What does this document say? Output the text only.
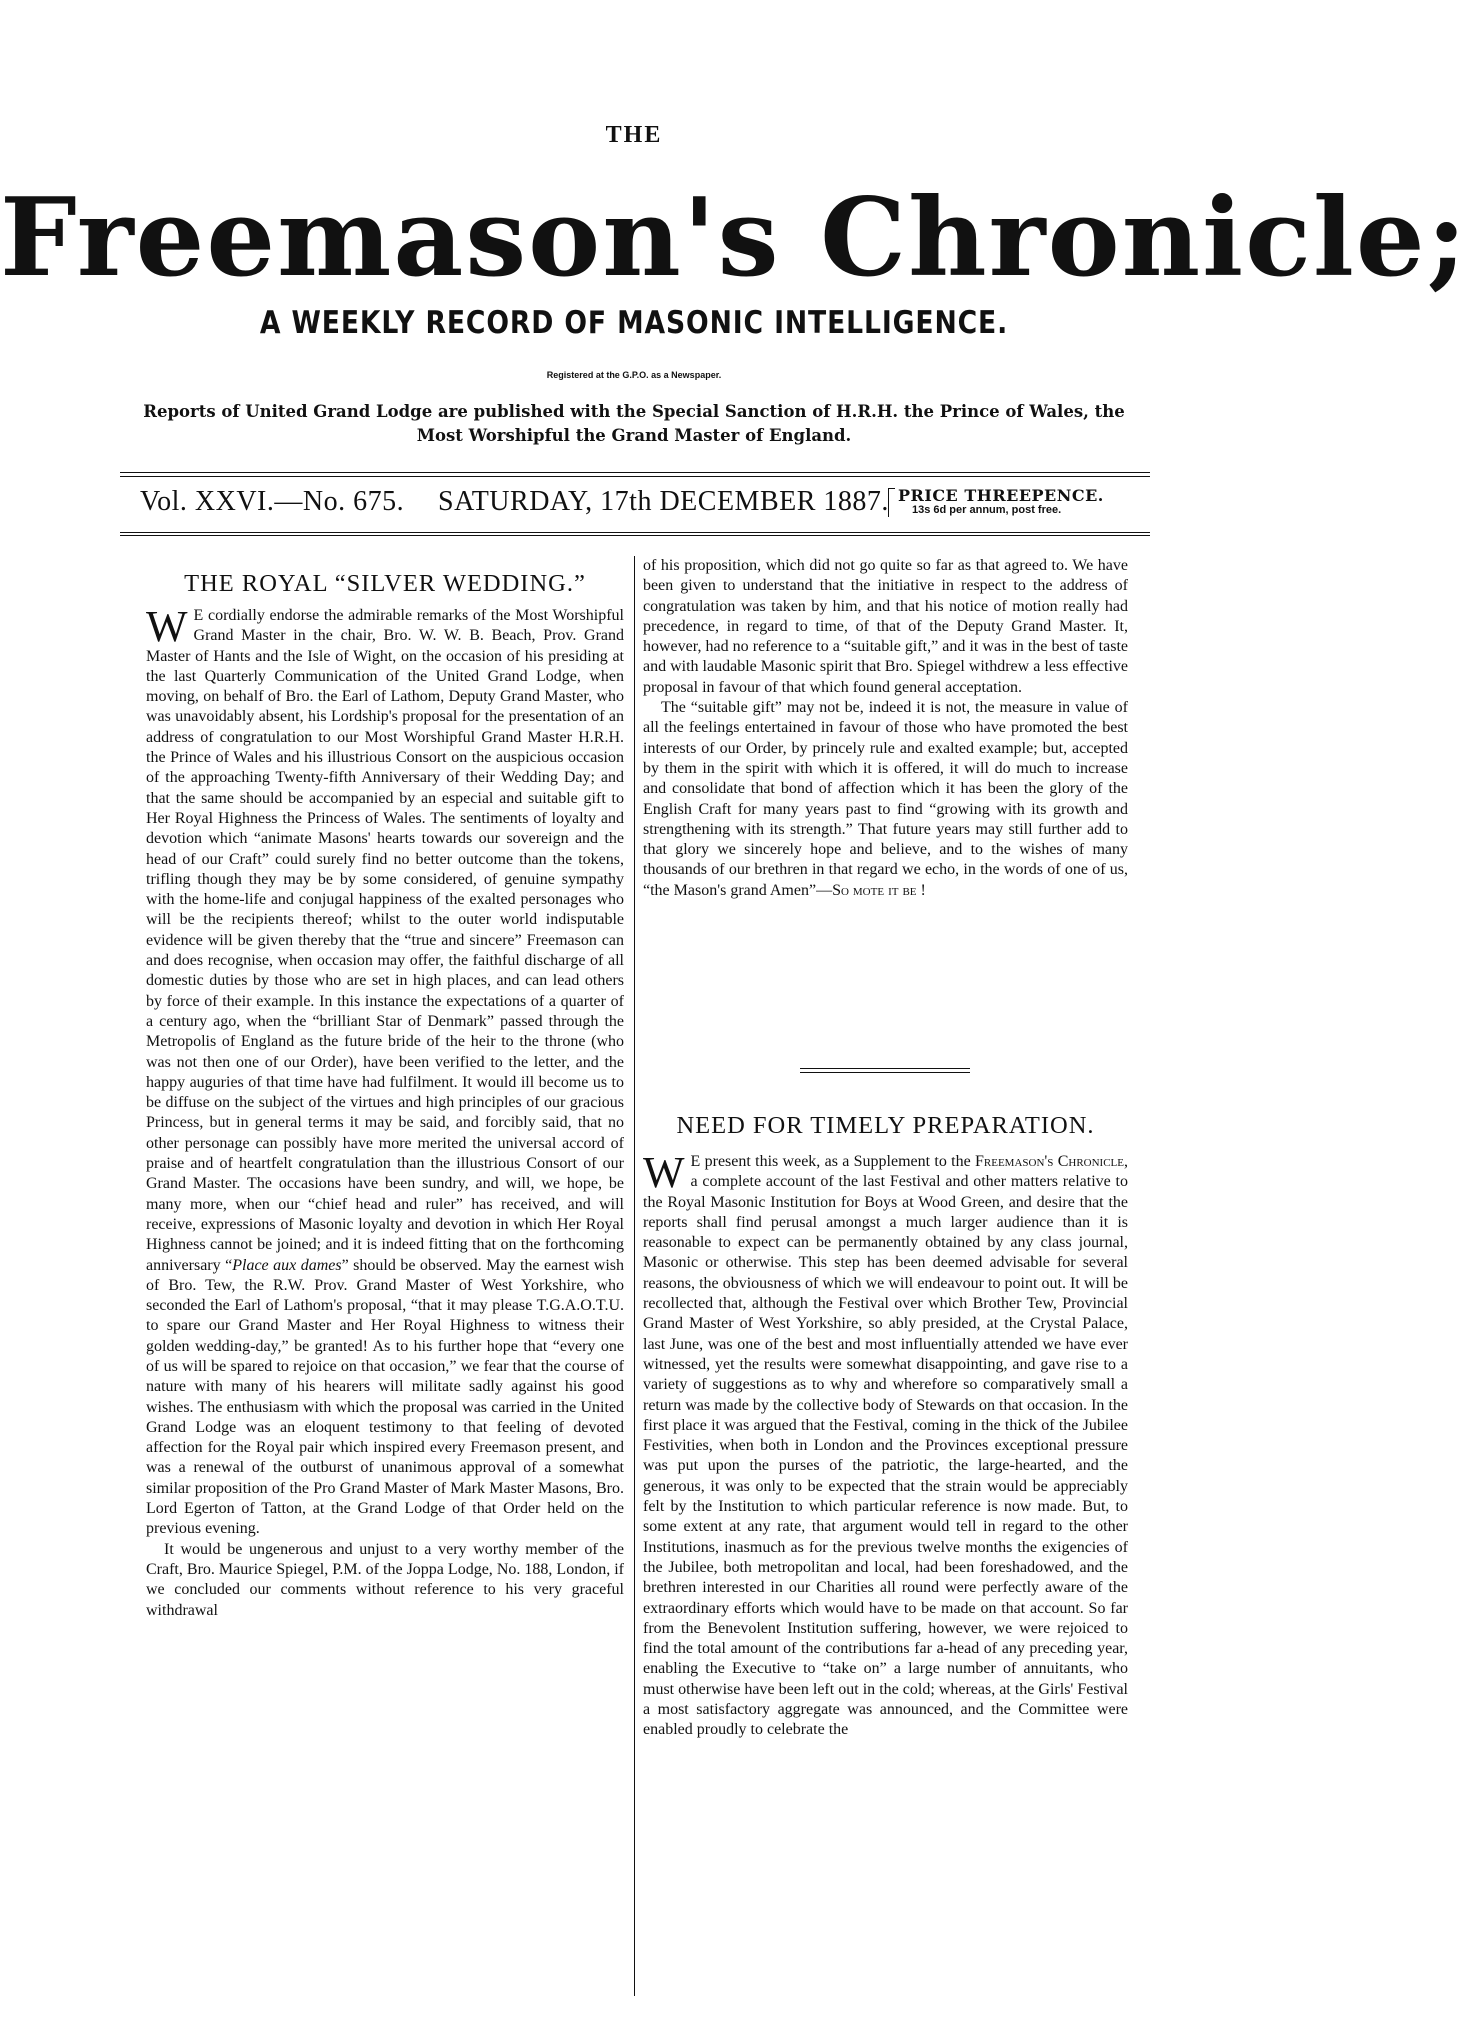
THE
Freemason's Chronicle;
A WEEKLY RECORD OF MASONIC INTELLIGENCE.
Registered at the G.P.O. as a Newspaper.
Reports of United Grand Lodge are published with the Special Sanction of H.R.H. the Prince of Wales, the Most Worshipful the Grand Master of England.
Vol. XXVI.—No. 675. SATURDAY, 17th DECEMBER 1887. PRICE THREEPENCE.
13s 6d per annum, post free.
THE ROYAL “SILVER WEDDING.”

W E cordially endorse the admirable remarks of the Most Worshipful Grand Master in the chair, Bro. W. W. B. Beach, Prov. Grand Master of Hants and the Isle of Wight, on the occasion of his presiding at the last Quarterly Communication of the United Grand Lodge, when moving, on behalf of Bro. the Earl of Lathom, Deputy Grand Master, who was unavoidably absent, his Lordship's proposal for the presentation of an address of congratulation to our Most Worshipful Grand Master H.R.H. the Prince of Wales and his illustrious Consort on the auspicious occasion of the approaching Twenty-fifth Anniversary of their Wedding Day; and that the same should be accompanied by an especial and suitable gift to Her Royal Highness the Princess of Wales. The sentiments of loyalty and devotion which “animate Masons' hearts towards our sovereign and the head of our Craft” could surely find no better outcome than the tokens, trifling though they may be by some considered, of genuine sympathy with the home-life and conjugal happiness of the exalted personages who will be the recipients thereof; whilst to the outer world indisputable evidence will be given thereby that the “true and sincere” Freemason can and does recognise, when occasion may offer, the faithful discharge of all domestic duties by those who are set in high places, and can lead others by force of their example. In this instance the expectations of a quarter of a century ago, when the “brilliant Star of Denmark” passed through the Metropolis of England as the future bride of the heir to the throne (who was not then one of our Order), have been verified to the letter, and the happy auguries of that time have had fulfilment. It would ill become us to be diffuse on the subject of the virtues and high principles of our gracious Princess, but in general terms it may be said, and forcibly said, that no other personage can possibly have more merited the universal accord of praise and of heartfelt congratulation than the illustrious Consort of our Grand Master. The occasions have been sundry, and will, we hope, be many more, when our “chief head and ruler” has received, and will receive, expressions of Masonic loyalty and devotion in which Her Royal Highness cannot be joined; and it is indeed fitting that on the forthcoming anniversary “Place aux dames” should be observed. May the earnest wish of Bro. Tew, the R.W. Prov. Grand Master of West Yorkshire, who seconded the Earl of Lathom's proposal, “that it may please T.G.A.O.T.U. to spare our Grand Master and Her Royal Highness to witness their golden wedding-day,” be granted! As to his further hope that “every one of us will be spared to rejoice on that occasion,” we fear that the course of nature with many of his hearers will militate sadly against his good wishes. The enthusiasm with which the proposal was carried in the United Grand Lodge was an eloquent testimony to that feeling of devoted affection for the Royal pair which inspired every Freemason present, and was a renewal of the outburst of unanimous approval of a somewhat similar proposition of the Pro Grand Master of Mark Master Masons, Bro. Lord Egerton of Tatton, at the Grand Lodge of that Order held on the previous evening.

It would be ungenerous and unjust to a very worthy member of the Craft, Bro. Maurice Spiegel, P.M. of the Joppa Lodge, No. 188, London, if we concluded our comments without reference to his very graceful withdrawal

of his proposition, which did not go quite so far as that agreed to. We have been given to understand that the initiative in respect to the address of congratulation was taken by him, and that his notice of motion really had precedence, in regard to time, of that of the Deputy Grand Master. It, however, had no reference to a “suitable gift,” and it was in the best of taste and with laudable Masonic spirit that Bro. Spiegel withdrew a less effective proposal in favour of that which found general acceptation.

The “suitable gift” may not be, indeed it is not, the measure in value of all the feelings entertained in favour of those who have promoted the best interests of our Order, by princely rule and exalted example; but, accepted by them in the spirit with which it is offered, it will do much to increase and consolidate that bond of affection which it has been the glory of the English Craft for many years past to find “growing with its growth and strengthening with its strength.” That future years may still further add to that glory we sincerely hope and believe, and to the wishes of many thousands of our brethren in that regard we echo, in the words of one of us, “the Mason's grand Amen”—So mote it be !

NEED FOR TIMELY PREPARATION.

W E present this week, as a Supplement to the Freemason's Chronicle, a complete account of the last Festival and other matters relative to the Royal Masonic Institution for Boys at Wood Green, and desire that the reports shall find perusal amongst a much larger audience than it is reasonable to expect can be permanently obtained by any class journal, Masonic or otherwise. This step has been deemed advisable for several reasons, the obviousness of which we will endeavour to point out. It will be recollected that, although the Festival over which Brother Tew, Provincial Grand Master of West Yorkshire, so ably presided, at the Crystal Palace, last June, was one of the best and most influentially attended we have ever witnessed, yet the results were somewhat disappointing, and gave rise to a variety of suggestions as to why and wherefore so comparatively small a return was made by the collective body of Stewards on that occasion. In the first place it was argued that the Festival, coming in the thick of the Jubilee Festivities, when both in London and the Provinces exceptional pressure was put upon the purses of the patriotic, the large-hearted, and the generous, it was only to be expected that the strain would be appreciably felt by the Institution to which particular reference is now made. But, to some extent at any rate, that argument would tell in regard to the other Institutions, inasmuch as for the previous twelve months the exigencies of the Jubilee, both metropolitan and local, had been foreshadowed, and the brethren interested in our Charities all round were perfectly aware of the extraordinary efforts which would have to be made on that account. So far from the Benevolent Institution suffering, however, we were rejoiced to find the total amount of the contributions far a-head of any preceding year, enabling the Executive to “take on” a large number of annuitants, who must otherwise have been left out in the cold; whereas, at the Girls' Festival a most satisfactory aggregate was announced, and the Committee were enabled proudly to celebrate the
